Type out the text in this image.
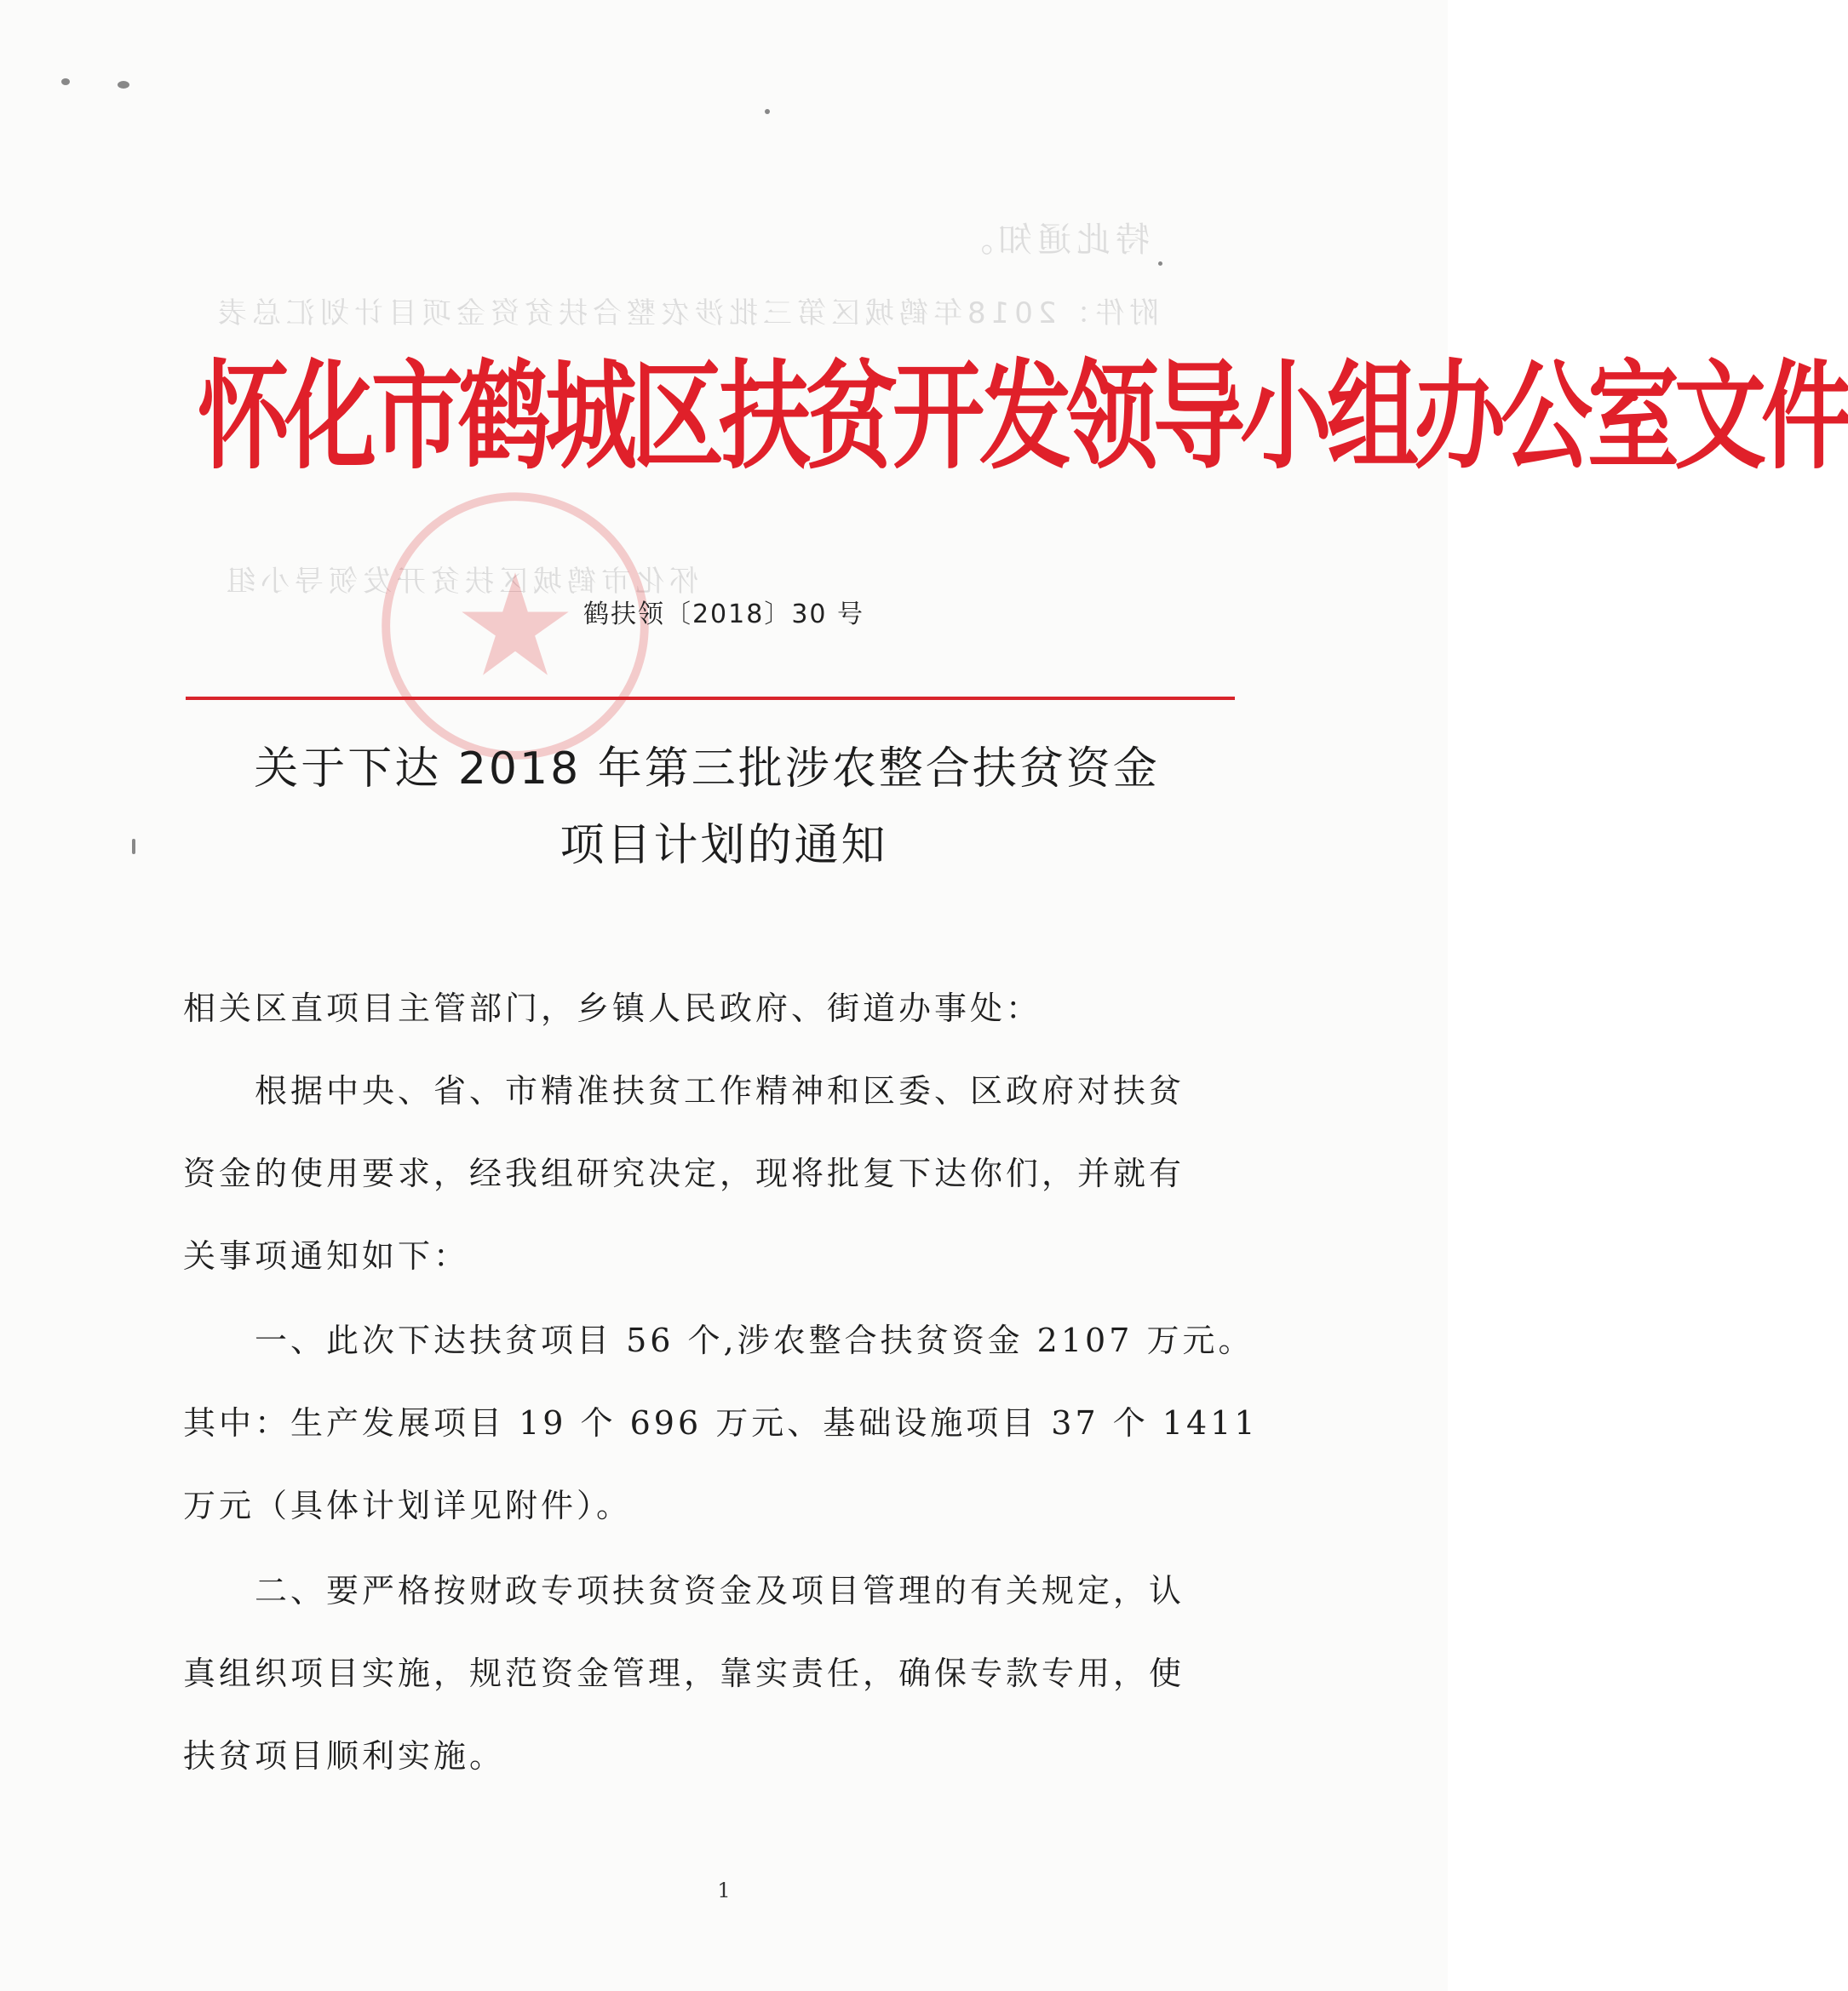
特此通知。
附件：2018年鹤城区第三批涉农整合扶贫资金项目计划汇总表
怀化市鹤城区扶贫开发领导小组
怀化市鹤城区扶贫开发领导小组办公室文件
鹤扶领〔2018〕30 号
关于下达 2018 年第三批涉农整合扶贫资金
项目计划的通知
相关区直项目主管部门，乡镇人民政府、街道办事处：
　　根据中央、省、市精准扶贫工作精神和区委、区政府对扶贫
资金的使用要求，经我组研究决定，现将批复下达你们，并就有
关事项通知如下：
　　一、此次下达扶贫项目 56 个,涉农整合扶贫资金 2107 万元。
其中：生产发展项目 19 个 696 万元、基础设施项目 37 个 1411
万元（具体计划详见附件）。
　　二、要严格按财政专项扶贫资金及项目管理的有关规定，认
真组织项目实施，规范资金管理，靠实责任，确保专款专用，使
扶贫项目顺利实施。
1
